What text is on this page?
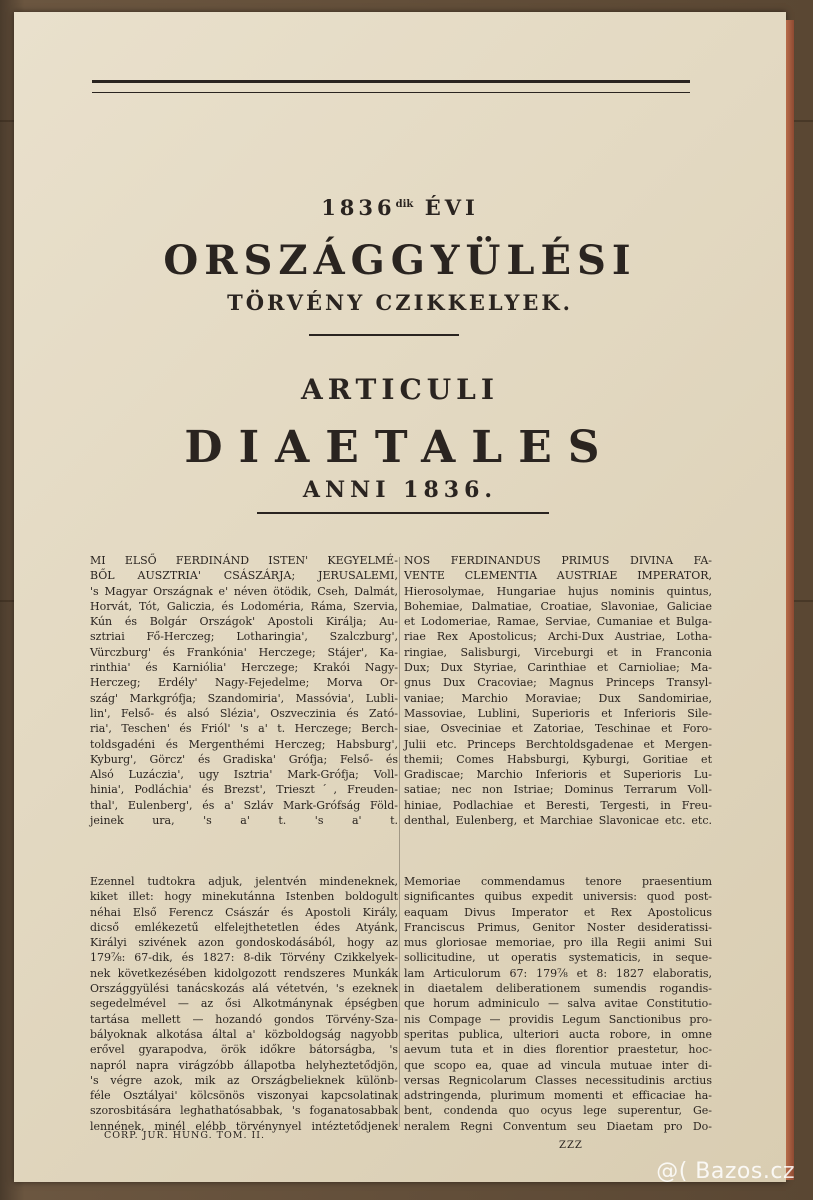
$1836^{dik}$ ÉVI
ORSZÁGGYÜLÉSI
TÖRVÉNY CZIKKELYEK.
ARTICULI
DIAETALES
ANNI 1836.
MI ELSŐ FERDINÁND ISTEN' KEGYELMÉ-
BŐL AUSZTRIA' CSÁSZÁRJA; JERUSALEMI,
's Magyar Országnak e' néven ötödik, Cseh, Dalmát,
Horvát, Tót, Galiczia, és Lodoméria, Ráma, Szervia,
Kún és Bolgár Országok' Apostoli Királja; Au-
sztriai Fő-Herczeg; Lotharingia', Szalczburg',
Vürczburg' és Frankónia' Herczege; Stájer', Ka-
rinthia' és Karniólia' Herczege; Krakói Nagy-
Herczeg; Erdély' Nagy-Fejedelme; Morva Or-
szág' Markgrófja; Szandomiria', Massóvia', Lubli-
lin', Felső- és alsó Slézia', Oszveczinia és Zató-
ria', Teschen' és Friól' 's a' t. Herczege; Berch-
toldsgadéni és Mergenthémi Herczeg; Habsburg',
Kyburg', Görcz' és Gradiska' Grófja; Felső- és
Alsó Luzáczia', ugy Isztria' Mark-Grófja; Voll-
hinia', Podláchia' és Brezst', Triesztˊ, Freuden-
thal', Eulenberg', és a' Szláv Mark-Grófság Föld-
jeinek ura, 's a' t. 's a' t.
NOS FERDINANDUS PRIMUS DIVINA FA-
VENTE CLEMENTIA AUSTRIAE IMPERATOR,
Hierosolymae, Hungariae hujus nominis quintus,
Bohemiae, Dalmatiae, Croatiae, Slavoniae, Galiciae
et Lodomeriae, Ramae, Serviae, Cumaniae et Bulga-
riae Rex Apostolicus; Archi-Dux Austriae, Lotha-
ringiae, Salisburgi, Virceburgi et in Franconia
Dux; Dux Styriae, Carinthiae et Carnioliae; Ma-
gnus Dux Cracoviae; Magnus Princeps Transyl-
vaniae; Marchio Moraviae; Dux Sandomiriae,
Massoviae, Lublini, Superioris et Inferioris Sile-
siae, Osveciniae et Zatoriae, Teschinae et Foro-
Julii etc. Princeps Berchtoldsgadenae et Mergen-
themii; Comes Habsburgi, Kyburgi, Goritiae et
Gradiscae; Marchio Inferioris et Superioris Lu-
satiae; nec non Istriae; Dominus Terrarum Voll-
hiniae, Podlachiae et Beresti, Tergesti, in Freu-
denthal, Eulenberg, et Marchiae Slavonicae etc. etc.
Ezennel tudtokra adjuk, jelentvén mindeneknek,
kiket illet: hogy minekutánna Istenben boldogult
néhai Első Ferencz Császár és Apostoli Király,
dicső emlékezetű elfelejthetetlen édes Atyánk,
Királyi szivének azon gondoskodásából, hogy az
179⅞: 67-dik, és 1827: 8-dik Törvény Czikkelyek-
nek következésében kidolgozott rendszeres Munkák
Országgyülési tanácskozás alá vétetvén, 's ezeknek
segedelmével — az ősi Alkotmánynak épségben
tartása mellett — hozandó gondos Törvény-Sza-
bályoknak alkotása által a' közboldogság nagyobb
erővel gyarapodva, örök időkre bátorságba, 's
napról napra virágzóbb állapotba helyheztetődjön,
's végre azok, mik az Országbelieknek különb-
féle Osztályai' kölcsönös viszonyai kapcsolatinak
szorosbitására leghathatósabbak, 's foganatosabbak
lennének, minél elébb törvénynyel intéztetődjenek
Memoriae commendamus tenore praesentium
significantes quibus expedit universis: quod post-
eaquam Divus Imperator et Rex Apostolicus
Franciscus Primus, Genitor Noster desideratissi-
mus gloriosae memoriae, pro illa Regii animi Sui
sollicitudine, ut operatis systematicis, in seque-
lam Articulorum 67: 179⅞ et 8: 1827 elaboratis,
in diaetalem deliberationem sumendis rogandis-
que horum adminiculo — salva avitae Constitutio-
nis Compage — providis Legum Sanctionibus pro-
speritas publica, ulteriori aucta robore, in omne
aevum tuta et in dies florentior praestetur, hoc-
que scopo ea, quae ad vincula mutuae inter di-
versas Regnicolarum Classes necessitudinis arctius
adstringenda, plurimum momenti et efficaciae ha-
bent, condenda quo ocyus lege superentur, Ge-
neralem Regni Conventum seu Diaetam pro Do-
CORP. JUR. HUNG. TOM. II.
ZZZ
@( Bazos.cz
